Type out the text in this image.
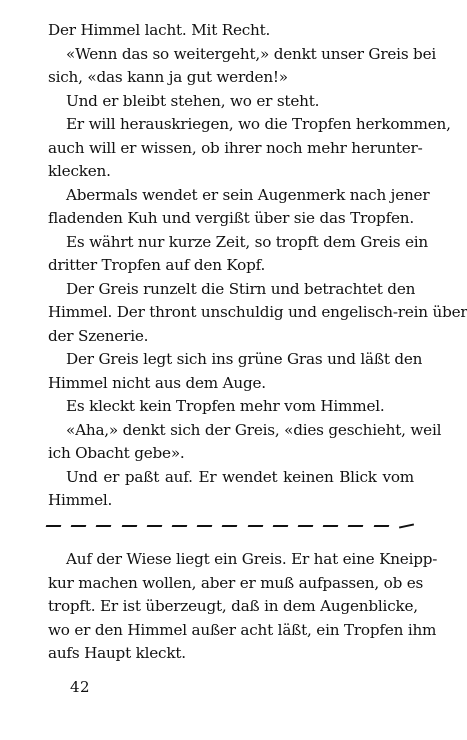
Der Himmel lacht. Mit Recht.
«Wenn das so weitergeht,» denkt unser Greis bei
sich, «das kann ja gut werden!»
Und er bleibt stehen, wo er steht.
Er will herauskriegen, wo die Tropfen herkommen,
auch will er wissen, ob ihrer noch mehr herunter-
klecken.
Abermals wendet er sein Augenmerk nach jener
fladenden Kuh und vergißt über sie das Tropfen.
Es währt nur kurze Zeit, so tropft dem Greis ein
dritter Tropfen auf den Kopf.
Der Greis runzelt die Stirn und betrachtet den
Himmel. Der thront unschuldig und engelisch-rein über
der Szenerie.
Der Greis legt sich ins grüne Gras und läßt den
Himmel nicht aus dem Auge.
Es kleckt kein Tropfen mehr vom Himmel.
«Aha,» denkt sich der Greis, «dies geschieht, weil
ich Obacht gebe».
Und er paßt auf. Er wendet keinen Blick vom
Himmel.
Auf der Wiese liegt ein Greis. Er hat eine Kneipp-
kur machen wollen, aber er muß aufpassen, ob es
tropft. Er ist überzeugt, daß in dem Augenblicke,
wo er den Himmel außer acht läßt, ein Tropfen ihm
aufs Haupt kleckt.
42
